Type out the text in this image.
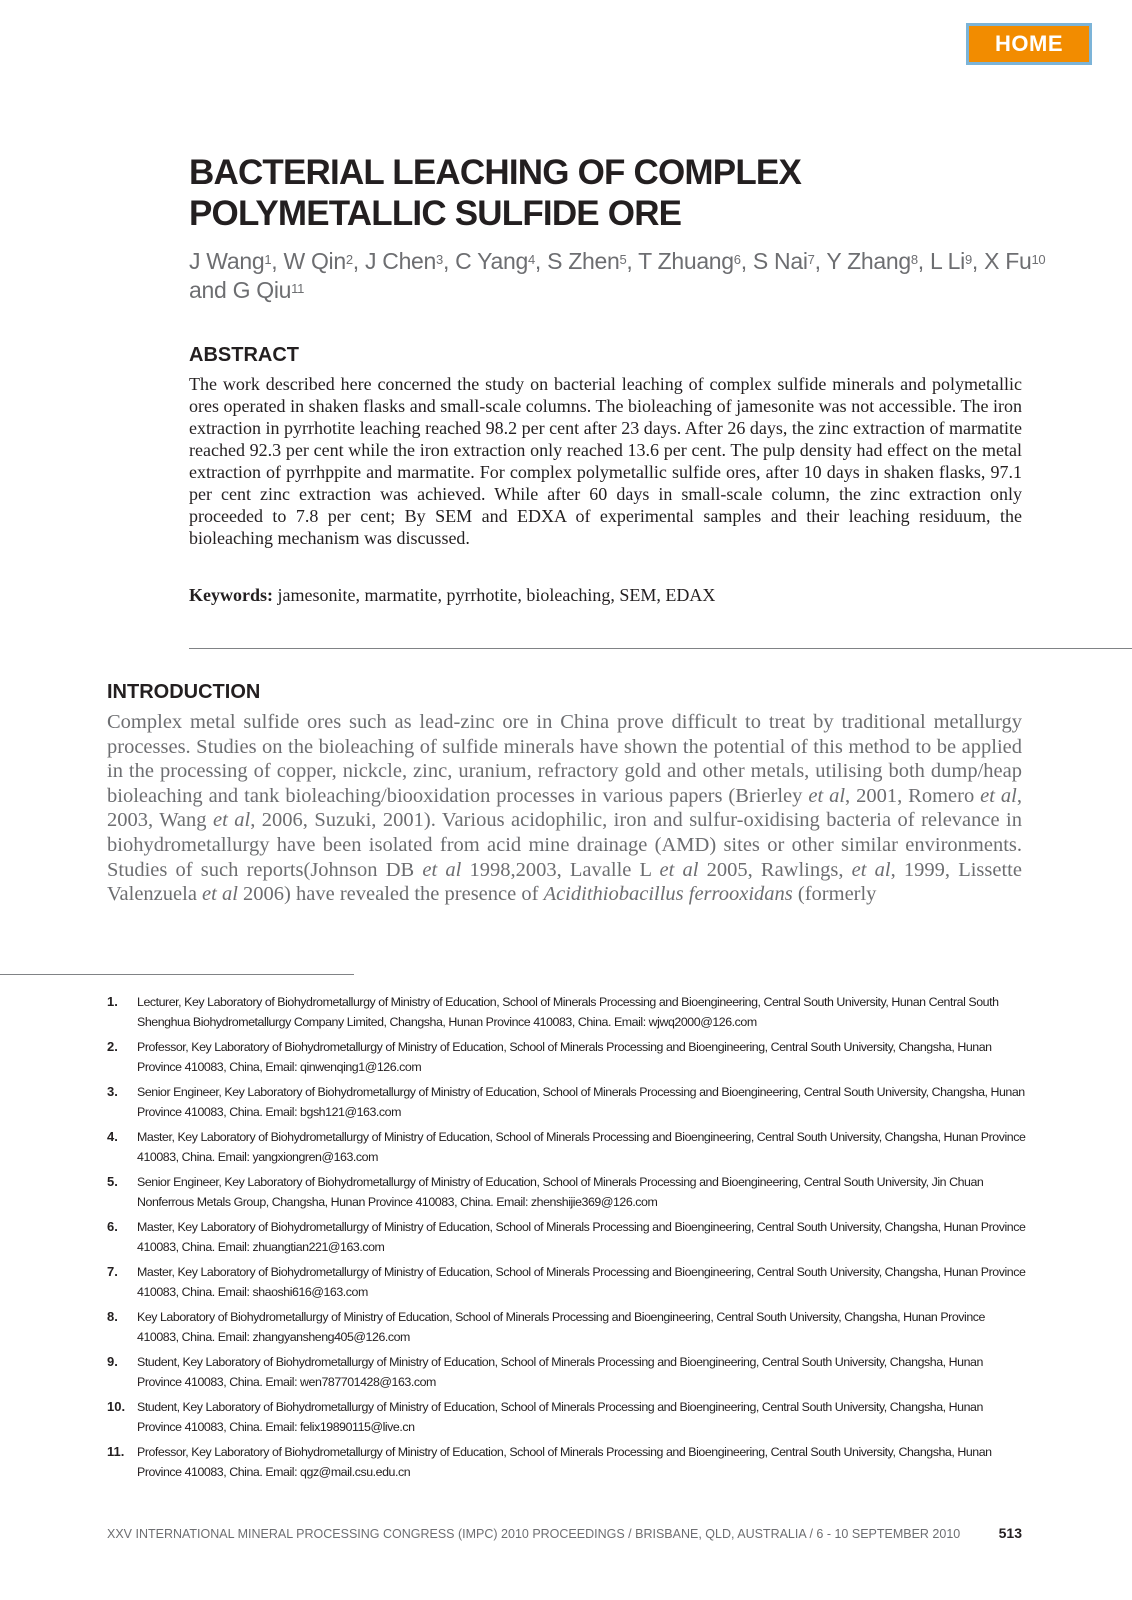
HOME
BACTERIAL LEACHING OF COMPLEX POLYMETALLIC SULFIDE ORE

J Wang$^1$, W Qin$^2$, J Chen$^3$, C Yang$^4$, S Zhen$^5$, T Zhuang$^6$, S Nai$^7$, Y Zhang$^8$, L Li$^9$, X Fu$^{10}$ and G Qiu$^{11}$

ABSTRACT

The work described here concerned the study on bacterial leaching of complex sulfide minerals and polymetallic ores operated in shaken flasks and small-scale columns. The bioleaching of jamesonite was not accessible. The iron extraction in pyrrhotite leaching reached 98.2 per cent after 23 days. After 26 days, the zinc extraction of marmatite reached 92.3 per cent while the iron extraction only reached 13.6 per cent. The pulp density had effect on the metal extraction of pyrrhppite and marmatite. For complex polymetallic sulfide ores, after 10 days in shaken flasks, 97.1 per cent zinc extraction was achieved. While after 60 days in small-scale column, the zinc extraction only proceeded to 7.8 per cent; By SEM and EDXA of experimental samples and their leaching residuum, the bioleaching mechanism was discussed.

Keywords: jamesonite, marmatite, pyrrhotite, bioleaching, SEM, EDAX

INTRODUCTION

Complex metal sulfide ores such as lead-zinc ore in China prove difficult to treat by traditional metallurgy processes. Studies on the bioleaching of sulfide minerals have shown the potential of this method to be applied in the processing of copper, nickcle, zinc, uranium, refractory gold and other metals, utilising both dump/heap bioleaching and tank bioleaching/biooxidation processes in various papers (Brierley et al, 2001, Romero et al, 2003, Wang et al, 2006, Suzuki, 2001). Various acidophilic, iron and sulfur-oxidising bacteria of relevance in biohydrometallurgy have been isolated from acid mine drainage (AMD) sites or other similar environments. Studies of such reports(Johnson DB et al 1998,2003, Lavalle L et al 2005, Rawlings, et al, 1999, Lissette Valenzuela et al 2006) have revealed the presence of Acidithiobacillus ferrooxidans (formerly

1. Lecturer, Key Laboratory of Biohydrometallurgy of Ministry of Education, School of Minerals Processing and Bioengineering, Central South University, Hunan Central South Shenghua Biohydrometallurgy Company Limited, Changsha, Hunan Province 410083, China. Email: wjwq2000@126.com
2. Professor, Key Laboratory of Biohydrometallurgy of Ministry of Education, School of Minerals Processing and Bioengineering, Central South University, Changsha, Hunan Province 410083, China, Email: qinwenqing1@126.com
3. Senior Engineer, Key Laboratory of Biohydrometallurgy of Ministry of Education, School of Minerals Processing and Bioengineering, Central South University, Changsha, Hunan Province 410083, China. Email: bgsh121@163.com
4. Master, Key Laboratory of Biohydrometallurgy of Ministry of Education, School of Minerals Processing and Bioengineering, Central South University, Changsha, Hunan Province 410083, China. Email: yangxiongren@163.com
5. Senior Engineer, Key Laboratory of Biohydrometallurgy of Ministry of Education, School of Minerals Processing and Bioengineering, Central South University, Jin Chuan Nonferrous Metals Group, Changsha, Hunan Province 410083, China. Email: zhenshijie369@126.com
6. Master, Key Laboratory of Biohydrometallurgy of Ministry of Education, School of Minerals Processing and Bioengineering, Central South University, Changsha, Hunan Province 410083, China. Email: zhuangtian221@163.com
7. Master, Key Laboratory of Biohydrometallurgy of Ministry of Education, School of Minerals Processing and Bioengineering, Central South University, Changsha, Hunan Province 410083, China. Email: shaoshi616@163.com
8. Key Laboratory of Biohydrometallurgy of Ministry of Education, School of Minerals Processing and Bioengineering, Central South University, Changsha, Hunan Province 410083, China. Email: zhangyansheng405@126.com
9. Student, Key Laboratory of Biohydrometallurgy of Ministry of Education, School of Minerals Processing and Bioengineering, Central South University, Changsha, Hunan Province 410083, China. Email: wen787701428@163.com
10. Student, Key Laboratory of Biohydrometallurgy of Ministry of Education, School of Minerals Processing and Bioengineering, Central South University, Changsha, Hunan Province 410083, China. Email: felix19890115@live.cn
11. Professor, Key Laboratory of Biohydrometallurgy of Ministry of Education, School of Minerals Processing and Bioengineering, Central South University, Changsha, Hunan Province 410083, China. Email: qgz@mail.csu.edu.cn
XXV INTERNATIONAL MINERAL PROCESSING CONGRESS (IMPC) 2010 PROCEEDINGS / BRISBANE, QLD, AUSTRALIA / 6 - 10 SEPTEMBER 2010	513
